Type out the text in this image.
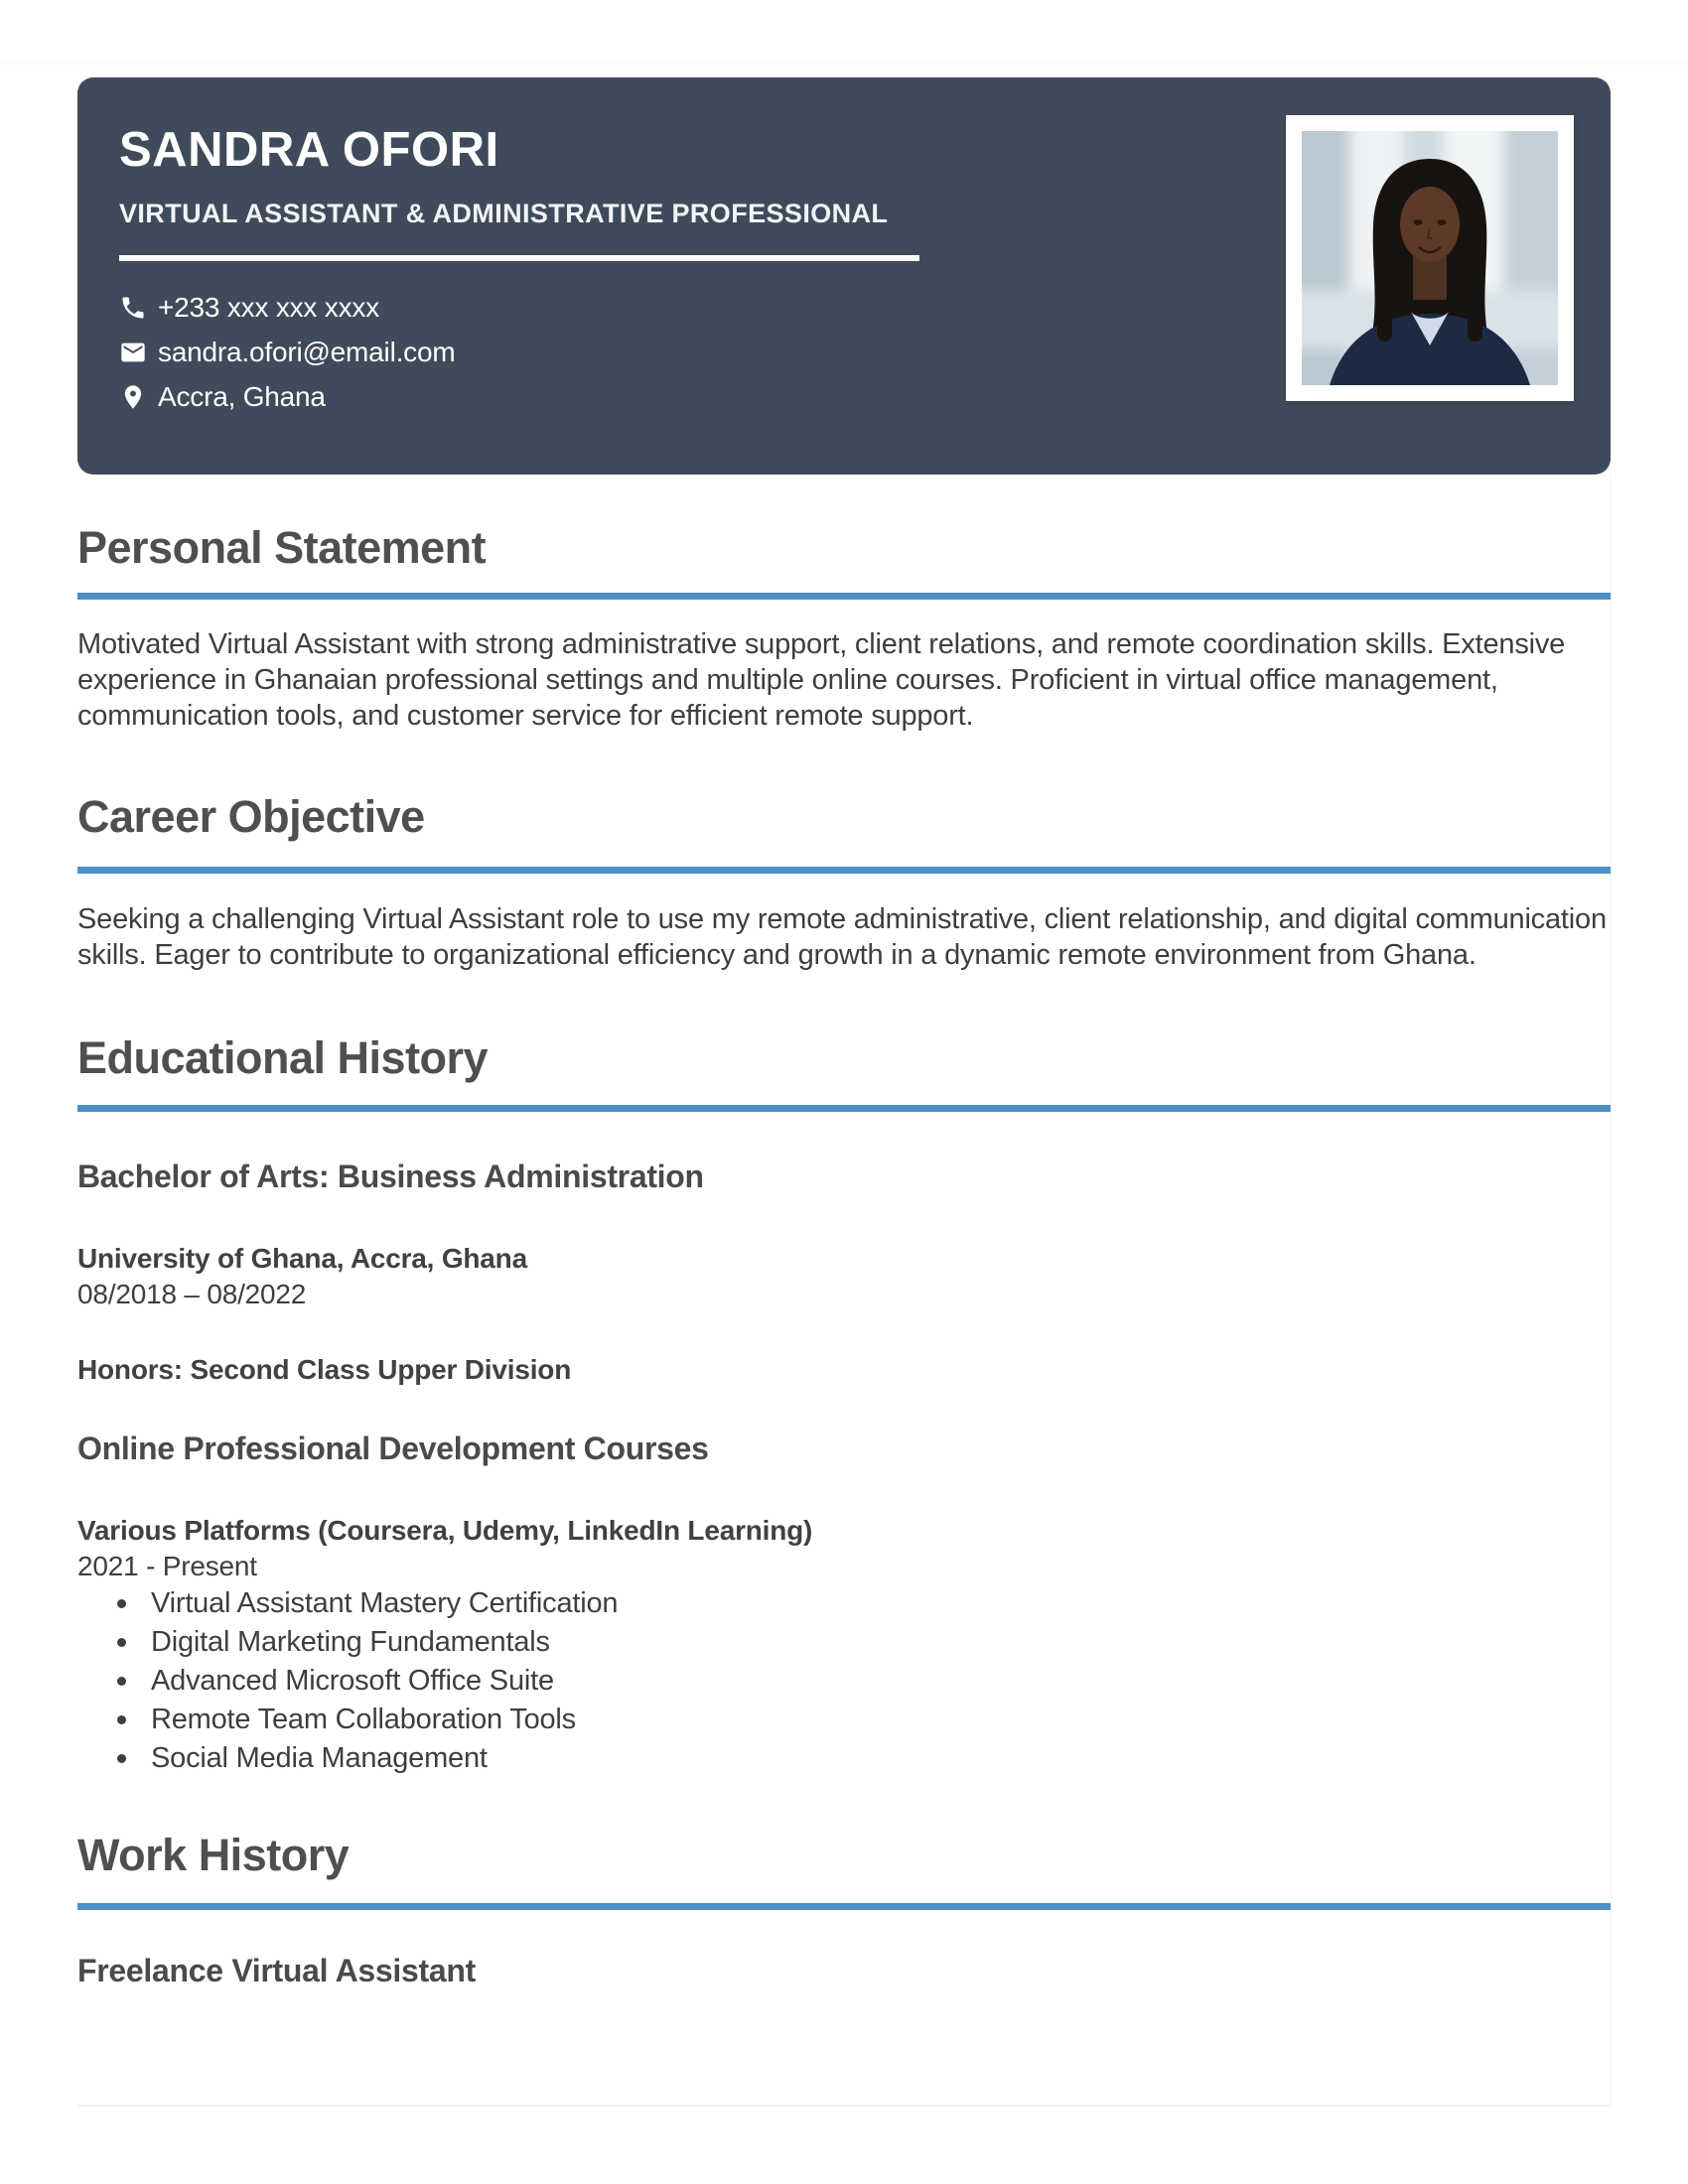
SANDRA OFORI
VIRTUAL ASSISTANT & ADMINISTRATIVE PROFESSIONAL
+233 xxx xxx xxxx
sandra.ofori@email.com
Accra, Ghana
Personal Statement

Motivated Virtual Assistant with strong administrative support, client relations, and remote coordination skills. Extensive experience in Ghanaian professional settings and multiple online courses. Proficient in virtual office management, communication tools, and customer service for efficient remote support.

Career Objective

Seeking a challenging Virtual Assistant role to use my remote administrative, client relationship, and digital communication skills. Eager to contribute to organizational efficiency and growth in a dynamic remote environment from Ghana.

Educational History

Bachelor of Arts: Business Administration

University of Ghana, Accra, Ghana

08/2018 – 08/2022

Honors: Second Class Upper Division

Online Professional Development Courses

Various Platforms (Coursera, Udemy, LinkedIn Learning)

2021 - Present

Virtual Assistant Mastery Certification
Digital Marketing Fundamentals
Advanced Microsoft Office Suite
Remote Team Collaboration Tools
Social Media Management
Work History

Freelance Virtual Assistant
